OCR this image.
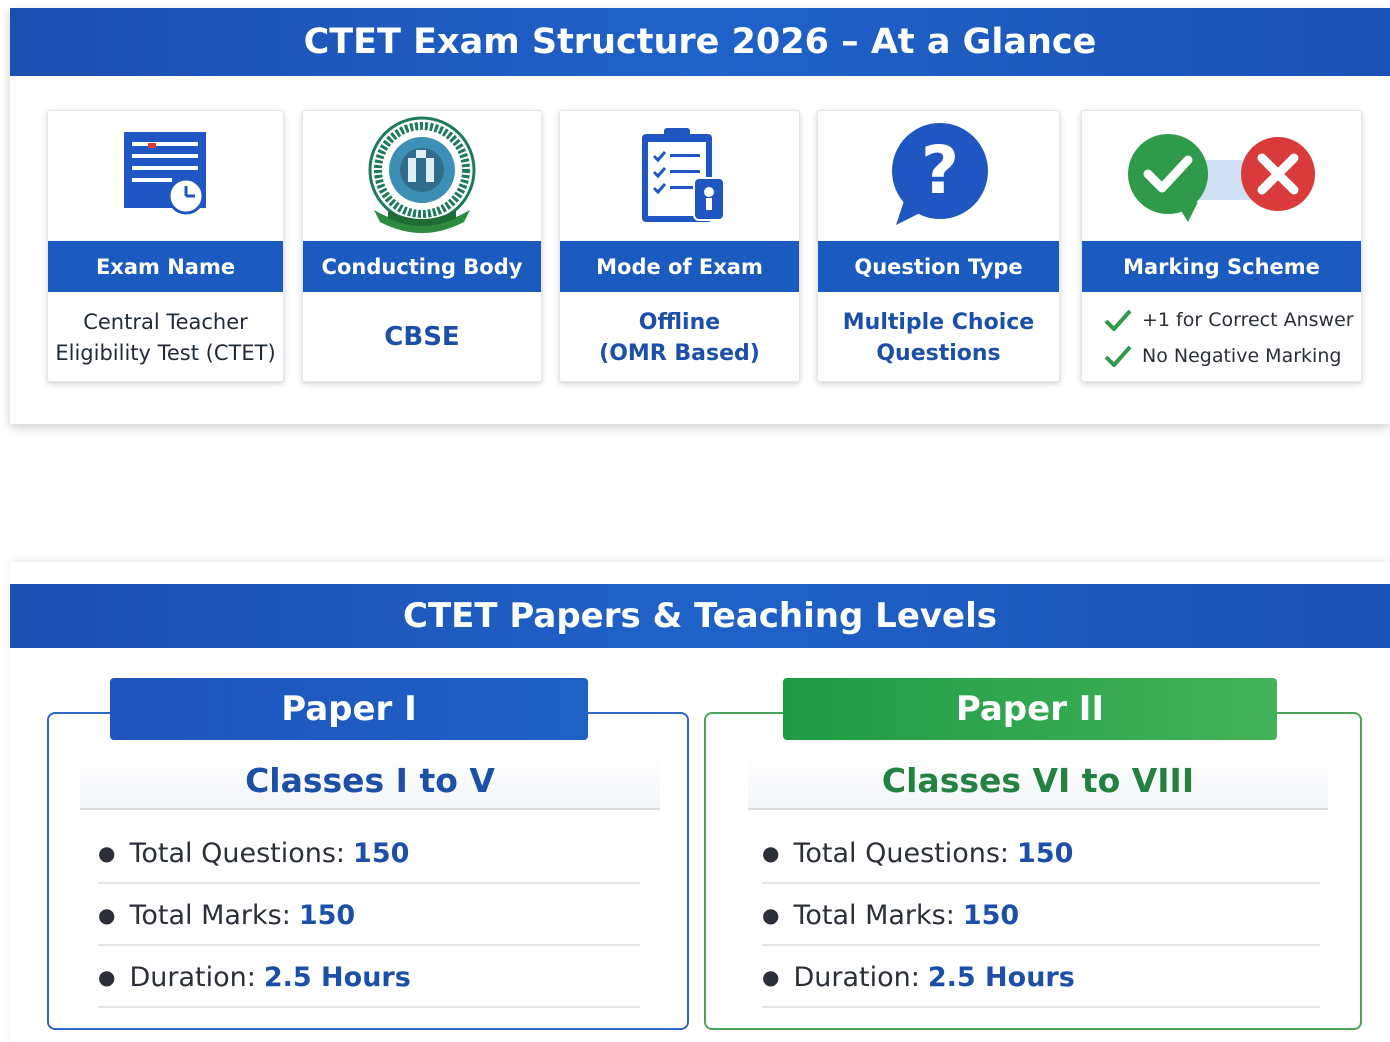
CTET Exam Structure 2026 – At a Glance
Exam Name
Central Teacher
Eligibility Test (CTET)
Conducting Body
CBSE
Mode of Exam
Offline
(OMR Based)
?
Question Type
Multiple Choice
Questions
Marking Scheme
+1 for Correct Answer
No Negative Marking
CTET Papers & Teaching Levels
Paper I
Classes I to V
● Total Questions: 150
● Total Marks: 150
● Duration: 2.5 Hours
Paper II
Classes VI to VIII
● Total Questions: 150
● Total Marks: 150
● Duration: 2.5 Hours
